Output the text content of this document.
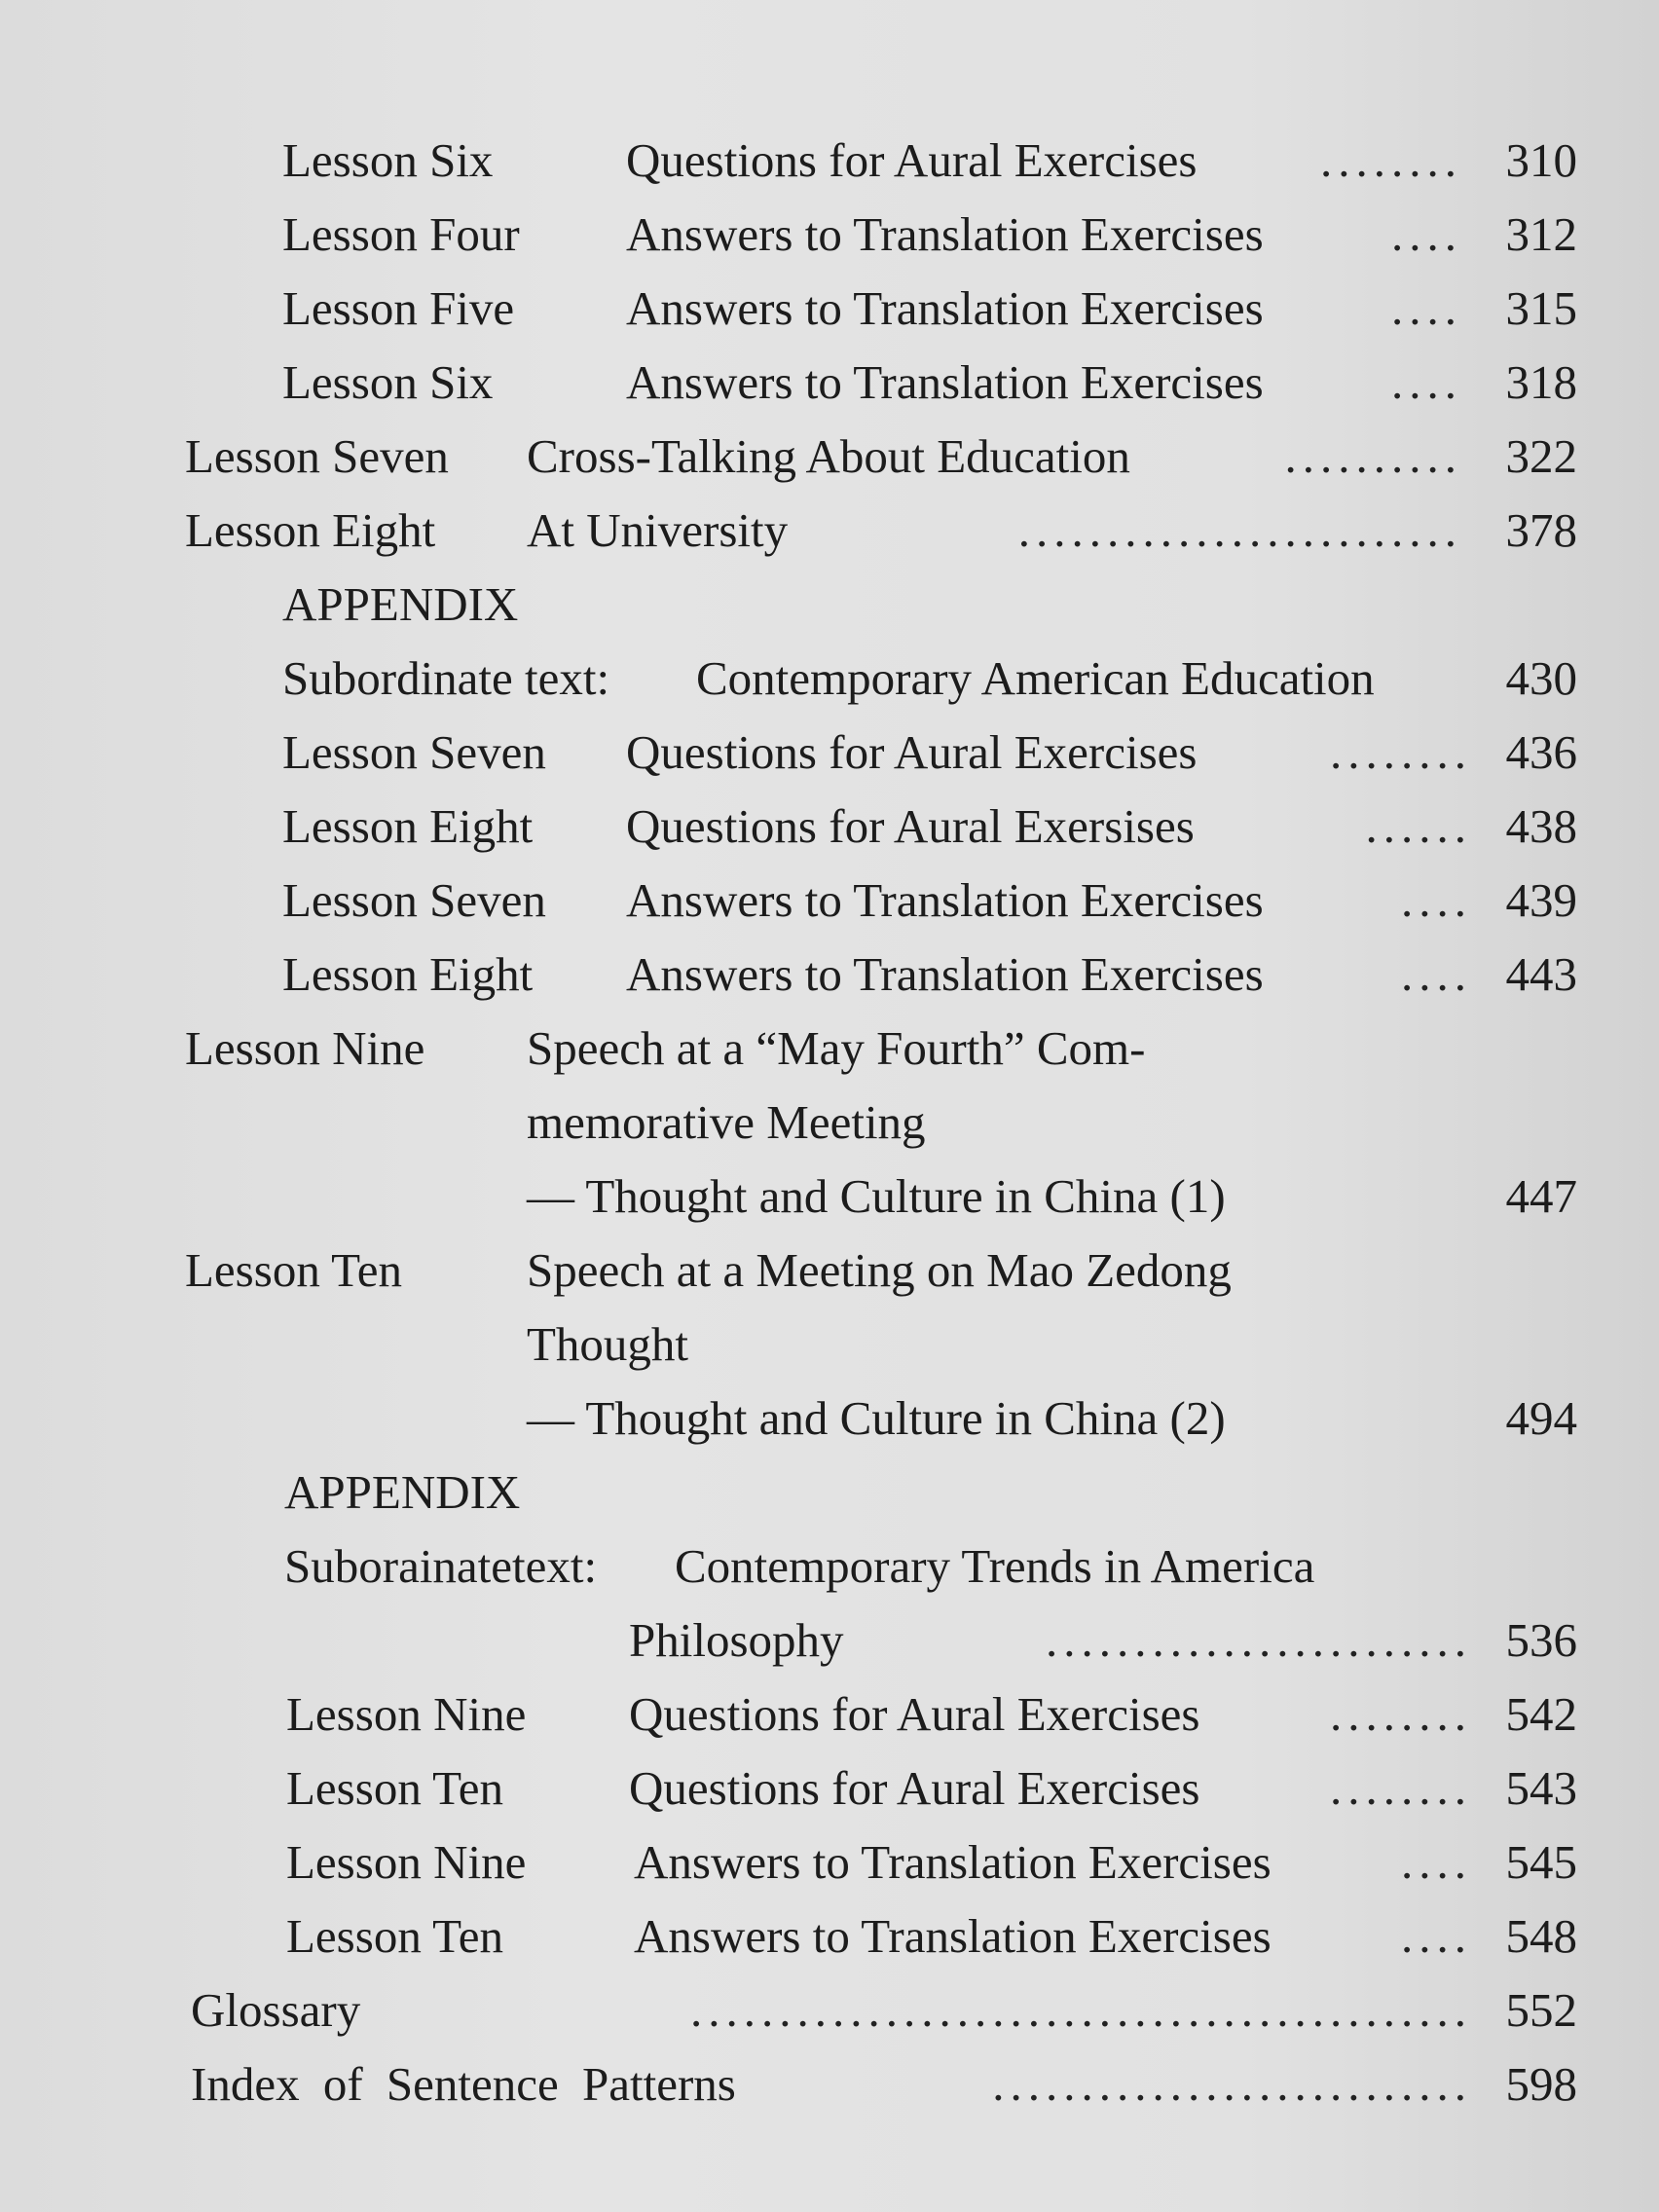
Lesson Six	Questions for Aural Exercises	........ 310
Lesson Four Answers to Translation Exercises	.... 312
Lesson Five Answers to Translation Exercises	.... 315
Lesson Six	Answers to Translation Exercises	.... 318
Lesson Seven Cross-Talking About Education	.......... 322
Lesson Eight At University	......................... 378
APPENDIX
Subordinate text: Contemporary American Education	430
Lesson Seven Questions for Aural Exercises	........ 436
Lesson Eight Questions for Aural Exersises	...... 438
Lesson Seven Answers to Translation Exercises	.... 439
Lesson Eight Answers to Translation Exercises	.... 443
Lesson Nine Speech at a “May Fourth” Com-
memorative Meeting
— Thought and Culture in China (1)	447
Lesson Ten	Speech at a Meeting on Mao Zedong
Thought
— Thought and Culture in China (2)	494
APPENDIX
Suborainatetext: Contemporary Trends in America
Philosophy	........................ 536
Lesson Nine Questions for Aural Exercises	........ 542
Lesson Ten	Questions for Aural Exercises	........ 543
Lesson Nine Answers to Translation Exercises	.... 545
Lesson Ten	Answers to Translation Exercises	.... 548
Glossary	............................................ 552
Index of Sentence Patterns	........................... 598
